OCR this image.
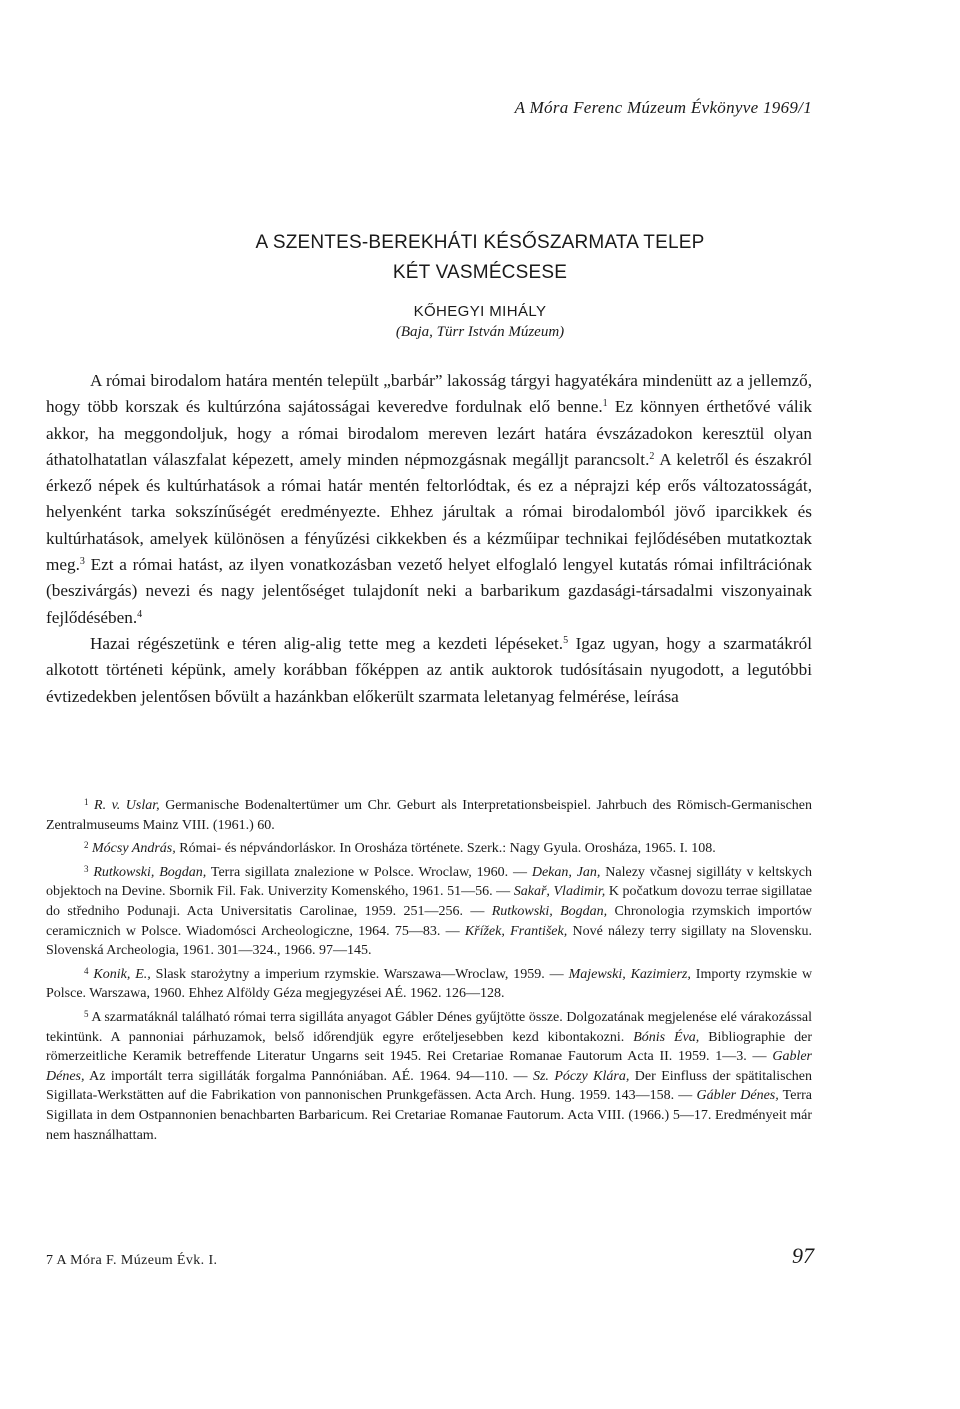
A Móra Ferenc Múzeum Évkönyve 1969/1
A SZENTES-BEREKHÁTI KÉSŐSZARMATA TELEP
KÉT VASMÉCSESE
KŐHEGYI MIHÁLY
(Baja, Türr István Múzeum)

A római birodalom határa mentén települt „barbár” lakosság tárgyi hagyatékára mindenütt az a jellemző, hogy több korszak és kultúrzóna sajátosságai keveredve fordulnak elő benne.$^1$ Ez könnyen érthetővé válik akkor, ha meggondoljuk, hogy a római birodalom mereven lezárt határa évszázadokon keresztül olyan áthatolhatatlan válaszfalat képezett, amely minden népmozgásnak megálljt parancsolt.$^2$ A keletről és északról érkező népek és kultúrhatások a római határ mentén feltorlódtak, és ez a néprajzi kép erős változatosságát, helyenként tarka sokszínűségét eredményezte. Ehhez járultak a római birodalomból jövő iparcikkek és kultúrhatások, amelyek különösen a fényűzési cikkekben és a kézműipar technikai fejlődésében mutatkoztak meg.$^3$ Ezt a római hatást, az ilyen vonatkozásban vezető helyet elfoglaló lengyel kutatás római infiltrációnak (beszivárgás) nevezi és nagy jelentőséget tulajdonít neki a barbarikum gazdasági-társadalmi viszonyainak fejlődésében.$^4$

Hazai régészetünk e téren alig-alig tette meg a kezdeti lépéseket.$^5$ Igaz ugyan, hogy a szarmatákról alkotott történeti képünk, amely korábban főképpen az antik auktorok tudósításain nyugodott, a legutóbbi évtizedekben jelentősen bővült a hazánkban előkerült szarmata leletanyag felmérése, leírása

$^1$ R. v. Uslar, Germanische Bodenaltertümer um Chr. Geburt als Interpretationsbeispiel. Jahrbuch des Römisch-Germanischen Zentralmuseums Mainz VIII. (1961.) 60.

$^2$ Mócsy András, Római- és népvándorláskor. In Orosháza története. Szerk.: Nagy Gyula. Orosháza, 1965. I. 108.

$^3$ Rutkowski, Bogdan, Terra sigillata znalezione w Polsce. Wroclaw, 1960. — Dekan, Jan, Nalezy včasnej sigilláty v keltskych objektoch na Devine. Sbornik Fil. Fak. Univerzity Komenského, 1961. 51—56. — Sakař, Vladimir, K počatkum dovozu terrae sigillatae do středniho Podunaji. Acta Universitatis Carolinae, 1959. 251—256. — Rutkowski, Bogdan, Chronologia rzymskich importów ceramicznich w Polsce. Wiadomósci Archeologiczne, 1964. 75—83. — Křížek, František, Nové nálezy terry sigillaty na Slovensku. Slovenská Archeologia, 1961. 301—324., 1966. 97—145.

$^4$ Konik, E., Slask starożytny a imperium rzymskie. Warszawa—Wroclaw, 1959. — Majewski, Kazimierz, Importy rzymskie w Polsce. Warszawa, 1960. Ehhez Alföldy Géza megjegyzései AÉ. 1962. 126—128.

$^5$ A szarmatáknál található római terra sigilláta anyagot Gábler Dénes gyűjtötte össze. Dolgozatának megjelenése elé várakozással tekintünk. A pannoniai párhuzamok, belső időrendjük egyre erőteljesebben kezd kibontakozni. Bónis Éva, Bibliographie der römerzeitliche Keramik betreffende Literatur Ungarns seit 1945. Rei Cretariae Romanae Fautorum Acta II. 1959. 1—3. — Gabler Dénes, Az importált terra sigilláták forgalma Pannóniában. AÉ. 1964. 94—110. — Sz. Póczy Klára, Der Einfluss der spätitalischen Sigillata-Werkstätten auf die Fabrikation von pannonischen Prunkgefässen. Acta Arch. Hung. 1959. 143—158. — Gábler Dénes, Terra Sigillata in dem Ostpannonien benachbarten Barbaricum. Rei Cretariae Romanae Fautorum. Acta VIII. (1966.) 5—17. Eredményeit már nem használhattam.

7 A Móra F. Múzeum Évk. I.	97
